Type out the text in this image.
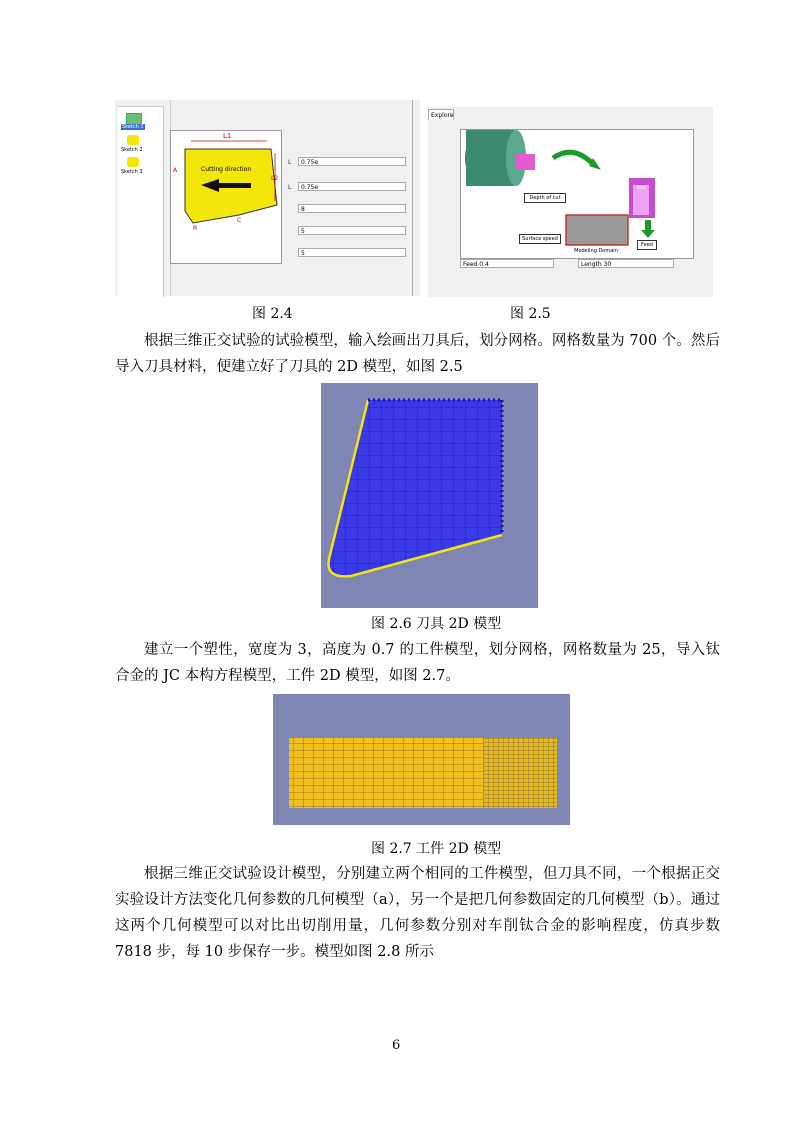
Sketch 1
Sketch 2
Sketch 3
L1
L2
A
R
C
Cutting direction
L	0.75e
L	0.75e
8
5
5
Explore
Depth of cut
Surface speed
Modeling Domain
Feed
Tool
Feed 0.4	Length 30
图 2.4	图 2.5

根据三维正交试验的试验模型，输入绘画出刀具后，划分网格。网格数量为 700 个。然后导入刀具材料，便建立好了刀具的 2D 模型，如图 2.5

图 2.6 刀具 2D 模型

建立一个塑性，宽度为 3，高度为 0.7 的工件模型，划分网格，网格数量为 25，导入钛合金的 JC 本构方程模型，工件 2D 模型，如图 2.7。

图 2.7 工件 2D 模型

根据三维正交试验设计模型，分别建立两个相同的工件模型，但刀具不同，一个根据正交实验设计方法变化几何参数的几何模型（a），另一个是把几何参数固定的几何模型（b）。通过这两个几何模型可以对比出切削用量，几何参数分别对车削钛合金的影响程度，仿真步数 7818 步，每 10 步保存一步。模型如图 2.8 所示

6
